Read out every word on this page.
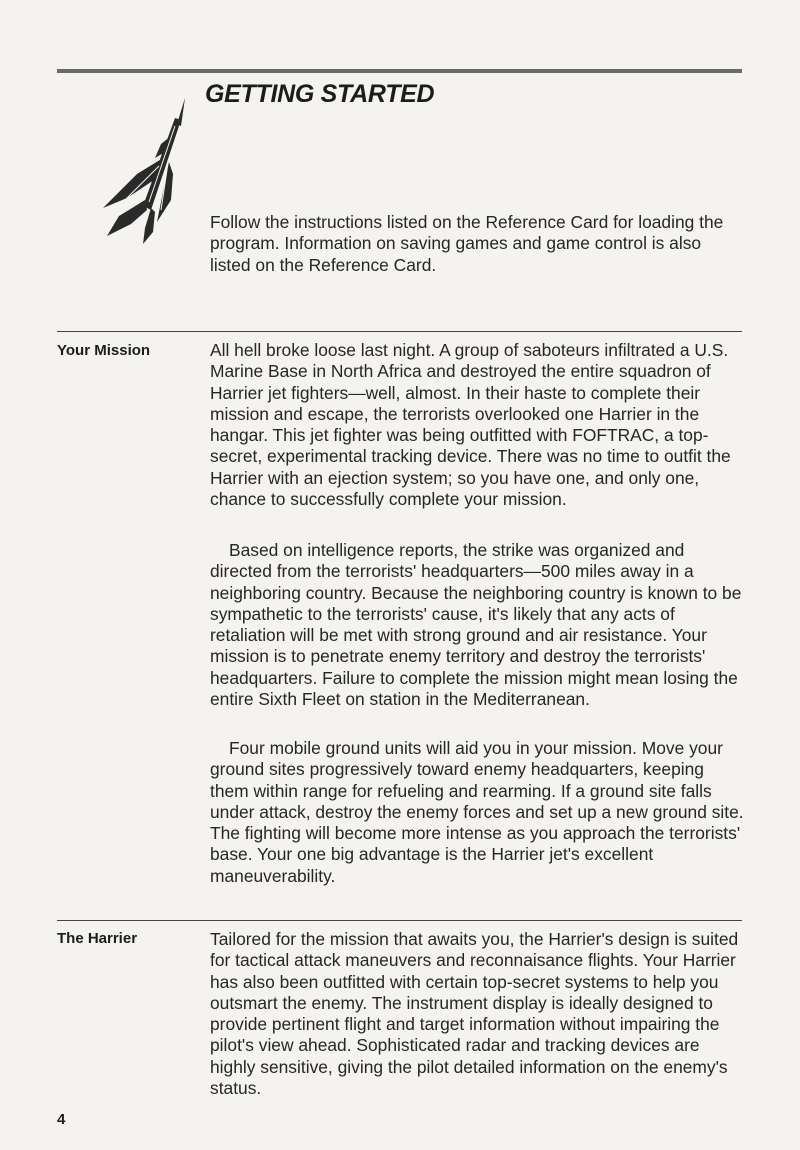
GETTING STARTED

Follow the instructions listed on the Reference Card for loading the program. Information on saving games and game control is also listed on the Reference Card.

Your Mission	All hell broke loose last night. A group of saboteurs infiltrated a U.S. Marine Base in North Africa and destroyed the entire squadron of Harrier jet fighters—well, almost. In their haste to complete their mission and escape, the terrorists overlooked one Harrier in the hangar. This jet fighter was being outfitted with FOFTRAC, a top-secret, experimental tracking device. There was no time to outfit the Harrier with an ejection system; so you have one, and only one, chance to successfully complete your mission.

Based on intelligence reports, the strike was organized and directed from the terrorists' headquarters—500 miles away in a neighboring country. Because the neighboring country is known to be sympathetic to the terrorists' cause, it's likely that any acts of retaliation will be met with strong ground and air resistance. Your mission is to penetrate enemy territory and destroy the terrorists' headquarters. Failure to complete the mission might mean losing the entire Sixth Fleet on station in the Mediterranean.

Four mobile ground units will aid you in your mission. Move your ground sites progressively toward enemy headquarters, keeping them within range for refueling and rearming. If a ground site falls under attack, destroy the enemy forces and set up a new ground site. The fighting will become more intense as you approach the terrorists' base. Your one big advantage is the Harrier jet's excellent maneuverability.

The Harrier	Tailored for the mission that awaits you, the Harrier's design is suited for tactical attack maneuvers and reconnaisance flights. Your Harrier has also been outfitted with certain top-secret systems to help you outsmart the enemy. The instrument display is ideally designed to provide pertinent flight and target information without impairing the pilot's view ahead. Sophisticated radar and tracking devices are highly sensitive, giving the pilot detailed information on the enemy's status.

4
